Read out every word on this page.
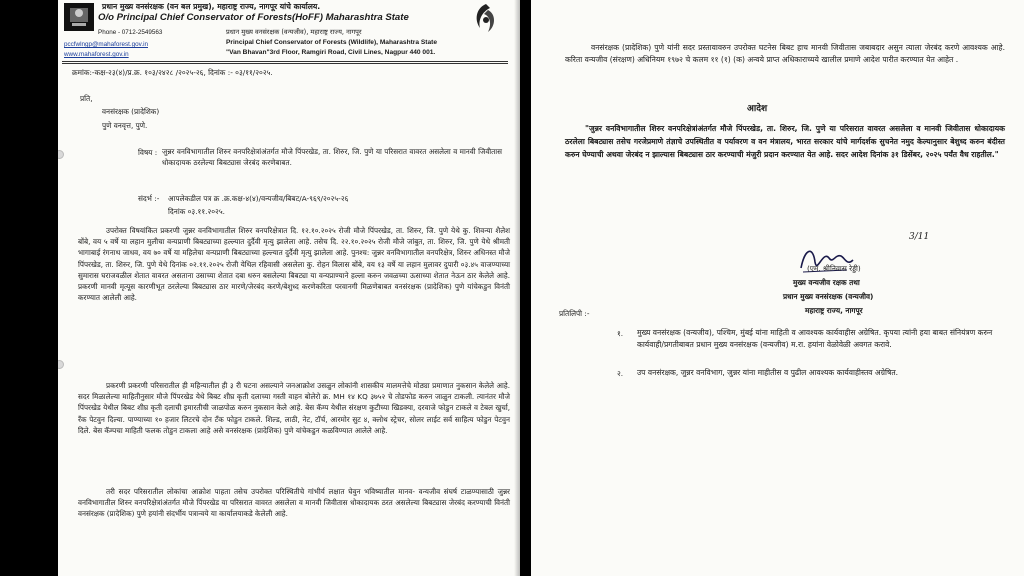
प्रधान मुख्य वनसंरक्षक (वन बल प्रमुख), महाराष्ट्र राज्य, नागपूर यांचे कार्यालय.
O/o Principal Chief Conservator of Forests(HoFF) Maharashtra State
Phone - 0712-2549563
pccfwlngp@mahaforest.gov.in
www.mahaforest.gov.in
प्रधान मुख्य वनसंरक्षक (वन्यजीव), महाराष्ट्र राज्य, नागपूर
Principal Chief Conservator of Forests (Wildlife), Maharashtra State
"Van Bhavan"3rd Floor, Ramgiri Road, Civil Lines, Nagpur 440 001.
क्रमांक:-कक्ष-२३(४)/प्र.क्र. १०३/२४२८ /२०२५-२६, दिनांक :- ०३/११/२०२५.
प्रति,
वनसंरक्षक (प्रादेशिक)
पुणे वनवृत्त, पुणे.
विषय : जुन्नर वनविभागातील शिरुर वनपरिक्षेत्रांअंतर्गत मौजे पिंपरखेड, ता. शिरुर, जि. पुणे या परिसरात वावरत असलेला व मानवी जिवीतास धोकादायक ठरलेल्या बिबट्यास जेरबंद करणेबाबत.
संदर्भ :- आपलेकडील पत्र क्र .क्र.कक्ष-४(४)/वन्यजीव/बिबट/A-९६९/२०२५-२६
दिनांक ०३.११.२०२५.
उपरोक्त विषयांकित प्रकरणी जुन्नर वनविभागातील शिरुर वनपरिक्षेत्रात दि. १२.१०.२०२५ रोजी मौजे पिंपरखेड, ता. शिरुर, जि. पुणे येथे कु. शिवन्या शैलेश बोंबे, वय ५ वर्षे या लहान मुलीचा वन्यप्राणी बिबट्याच्या हल्ल्यात दुर्दैवी मृत्यु झालेला आहे. तसेच दि. २२.१०.२०२५ रोजी मौजे जांबुत, ता. शिरुर, जि. पुणे येथे श्रीमती भागाबाई रंगनाथ जाधव, वय ७० वर्षे या महिलेचा वन्यप्राणी बिबट्याच्या हल्ल्यात दुर्दैवी मृत्यु झालेला आहे. पुनश्च: जुन्नर वनविभागातील वनपरिक्षेत्र, शिरुर अधिनस्त मौजे पिंपरखेड, ता. शिरुर, जि. पुणे येथे दिनांक ०२.११.२०२५ रोजी येथिल रहिवासी असलेला कु. रोहन विलास बोंबे, वय १३ वर्षे या लहान मुलावर दुपारी ०३.४५ वाजण्याच्या सुमारास घराजवळील शेतात वावरत असताना उसाच्या शेतात दबा धरुन बसलेल्या बिबट्या या वन्यप्राण्याने हल्ला करुन जवळच्या ऊसाच्या शेतात नेऊन ठार केलेले आहे. प्रकरणी मानवी मृत्यूस कारणीभूत ठरलेल्या बिबट्यास ठार मारणे/जेरबंद करणे/बेशुध्द करणेकरिता परवानगी मिळणेबाबत वनसंरक्षक (प्रादेशिक) पुणे यांचेकडुन विनंती करण्यात आलेली आहे.
प्रकरणी प्रकरणी परिसरातील ही महिन्यातील ही ३ री घटना असल्याने जनआक्रोश उसळुन लोकांनी शासकीय मालमत्तेचे मोठ्या प्रमाणात नुकसान केलेले आहे. सदर मिळालेल्या माहितीनुसार मौजे पिंपरखेड येथे बिबट शीघ्र कृती दलाच्या गस्ती वाहन बोलेरो क्र. MH १४ KQ ३७५२ चे तोडफोड करुन जाळुन टाकली. त्यानंतर मौजे पिंपरखेड येथील बिबट शीघ्र कृती दलाची इमारतीची जाळपोळ करुन नुकसान केले आहे. बेस कॅम्प येथील संरक्षण कुटीच्या खिडक्या, दरवाजे फोडुन टाकले व टेबल खुर्चा, रँक पेटवुन दिल्या. पाण्याच्या १० हजार लिटरचे दोन टँक फोडुन टाकले. शिल्ड, लाठी, नेट, टॉर्च, आरमोर सुट ४, क्लोथ स्ट्रेचर, सोलर लाईट सर्व साहित्य फोडुन पेटवुन दिले. बेस कॅम्पचा माहिती फलक तोडुन टाकला आहे असे वनसंरक्षक (प्रादेशिक) पुणे यांचेकडुन कळविण्यात आलेले आहे.
तरी सदर परिसरातील लोकांचा आक्रोश पाहता तसेच उपरोक्त परिस्थितीचे गांभीर्य लक्षात घेवुन भविष्यातील मानव- वन्यजीव संघर्ष टाळण्यासाठी जुन्नर वनविभागातील शिरुर वनपरिक्षेत्रांअंतर्गत मौजे पिंपरखेड या परिसरात वावरत असलेला व मानवी जिवीतास धोकादायक ठरत असलेल्या बिबट्यास जेरबंद करण्याची विनंती वनसंरक्षक (प्रादेशिक) पुणे हयांनी संदर्भीय पत्रान्वये या कार्यालयाकडे केलेली आहे.
वनसंरक्षक (प्रादेशिक) पुणे यांनी सदर प्रस्तावावरुन उपरोक्त घटनेस बिबट हाच मानवी जिवीतास जबाबदार असुन त्याला जेरबंद करणे आवश्यक आहे. करिता वन्यजीव (संरक्षण) अधिनियम १९७२ चे कलम ११ (१) (क) अन्वये प्राप्त अधिकाराच्यये खालील प्रमाणे आदेश पारीत करण्यात येत आहेत .
आदेश
"जुन्नर वनविभागातील शिरुर वनपरिक्षेत्रांअंतर्गत मौजे पिंपरखेड, ता. शिरुर, जि. पुणे या परिसरात वावरत असलेला व मानवी जिवीतास धोकादायक ठरलेला बिबट्यास तसेच गरजेप्रमाणे तंज्ञाचे उपस्थितीत व पर्यावरण व वन मंत्रालय, भारत सरकार यांचे मार्गदर्शक सुचनेत नमुद केल्यानुसार बेशुध्द करुन बंदीस्त करुन घेण्याची अथवा जेरबंद न झाल्यास बिबट्यास ठार करण्याची मंजुरी प्रदान करण्यात येत आहे. सदर आदेश दिनांक ३१ डिसेंबर, २०२५ पर्यंत वैध राहतील."
3/11
(एम. श्रीनिवास रेड्डी)
मुख्य वन्यजीव रक्षक तथा
प्रधान मुख्य वनसंरक्षक (वन्यजीव)
महाराष्ट्र राज्य, नागपूर
प्रतिलिपी :-
१. मुख्य वनसंरक्षक (वन्यजीव), पश्चिम, मुंबई यांना माहिती व आवश्यक कार्यवाहीस अग्रेषित. कृपया त्यांनी हया बाबत संनियंत्रण करुन कार्यवाही/प्रगतीबाबत प्रधान मुख्य वनसंरक्षक (वन्यजीव) म.रा. हयांना वेळोवेळी अवगत करावे.
२. उप वनसंरक्षक, जुन्नर वनविभाग, जुन्नर यांना माहीतीस व पुढील आवश्यक कार्यवाहीस्तव अग्रेषित.
